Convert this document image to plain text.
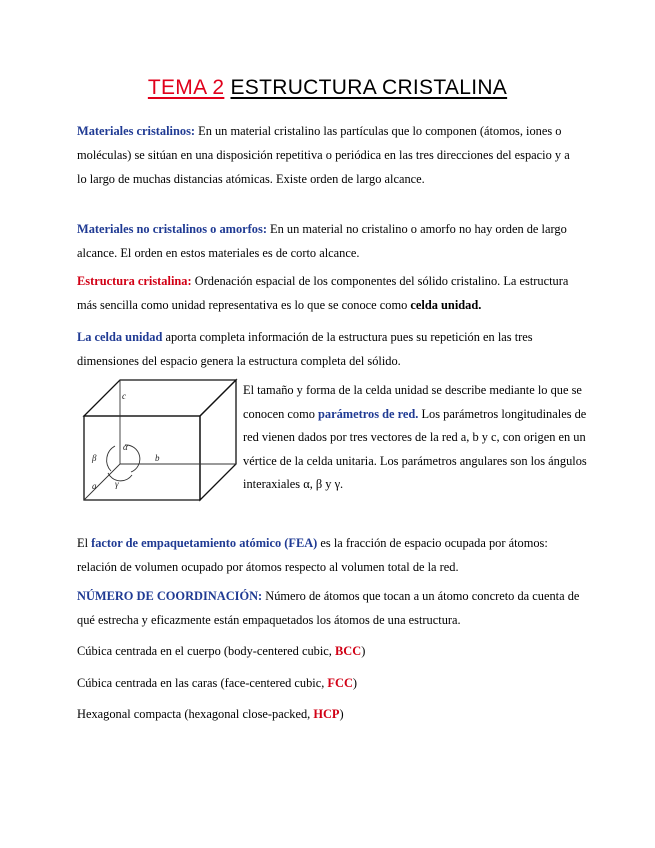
TEMA 2 ESTRUCTURA CRISTALINA
Materiales cristalinos: En un material cristalino las partículas que lo componen (átomos, iones o moléculas) se sitúan en una disposición repetitiva o periódica en las tres direcciones del espacio y a lo largo de muchas distancias atómicas. Existe orden de largo alcance.
Materiales no cristalinos o amorfos: En un material no cristalino o amorfo no hay orden de largo alcance. El orden en estos materiales es de corto alcance.
Estructura cristalina: Ordenación espacial de los componentes del sólido cristalino. La estructura más sencilla como unidad representativa es lo que se conoce como celda unidad.
La celda unidad aporta completa información de la estructura pues su repetición en las tres dimensiones del espacio genera la estructura completa del sólido.
c
b
a
α
β
γ
El tamaño y forma de la celda unidad se describe mediante lo que se conocen como parámetros de red. Los parámetros longitudinales de red vienen dados por tres vectores de la red a, b y c, con origen en un vértice de la celda unitaria. Los parámetros angulares son los ángulos interaxiales α, β y γ.
El factor de empaquetamiento atómico (FEA) es la fracción de espacio ocupada por átomos: relación de volumen ocupado por átomos respecto al volumen total de la red.
NÚMERO DE COORDINACIÓN: Número de átomos que tocan a un átomo concreto da cuenta de qué estrecha y eficazmente están empaquetados los átomos de una estructura.
Cúbica centrada en el cuerpo (body-centered cubic, BCC)
Cúbica centrada en las caras (face-centered cubic, FCC)
Hexagonal compacta (hexagonal close-packed, HCP)
